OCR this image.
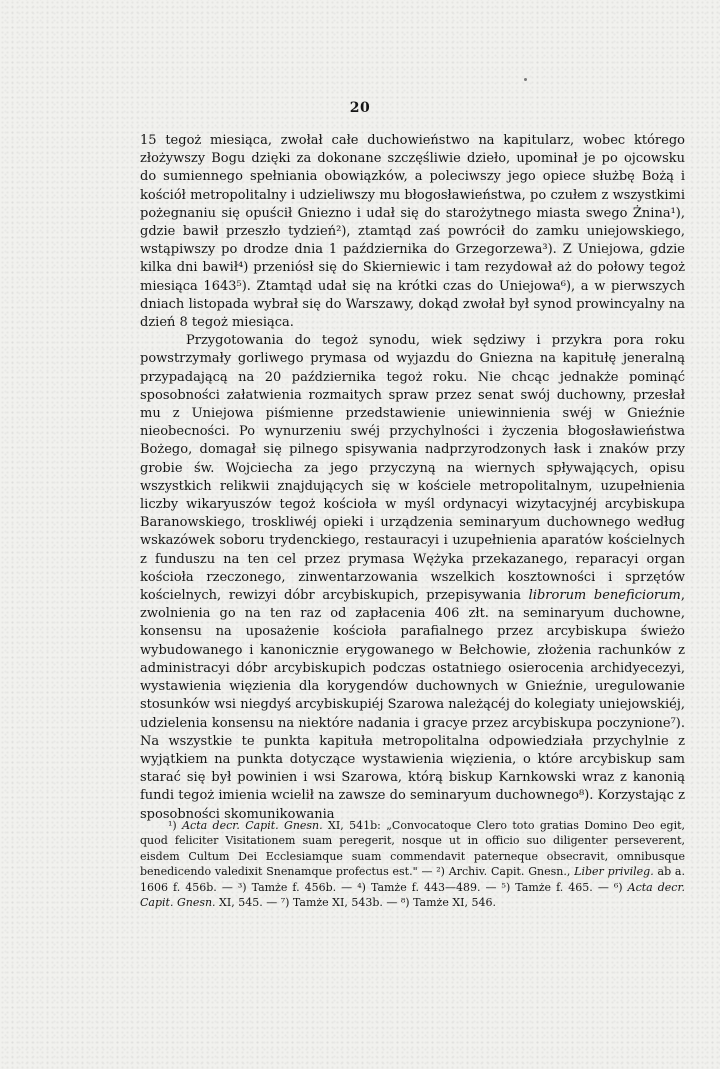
20

15 tegoż miesiąca, zwołał całe duchowieństwo na kapitularz, wobec którego złożywszy Bogu dzięki za dokonane szczęśliwie dzieło, upominał je po ojcowsku do sumiennego spełniania obowiązków, a poleciwszy jego opiece służbę Bożą i kościół metropolitalny i udzieliwszy mu błogosławieństwa, po czułem z wszystkimi pożegnaniu się opuścił Gniezno i udał się do starożytnego miasta swego Żnina¹), gdzie bawił przeszło tydzień²), ztamtąd zaś powrócił do zamku uniejowskiego, wstąpiwszy po drodze dnia 1 października do Grzegorzewa³). Z Uniejowa, gdzie kilka dni bawił⁴) przeniósł się do Skierniewic i tam rezydował aż do połowy tegoż miesiąca 1643⁵). Ztamtąd udał się na krótki czas do Uniejowa⁶), a w pierwszych dniach listopada wybrał się do Warszawy, dokąd zwołał był synod prowincyalny na dzień 8 tegoż miesiąca.

Przygotowania do tegoż synodu, wiek sędziwy i przykra pora roku powstrzymały gorliwego prymasa od wyjazdu do Gniezna na kapitułę jeneralną przypadającą na 20 października tegoż roku. Nie chcąc jednakże pominąć sposobności załatwienia rozmaitych spraw przez senat swój duchowny, przesłał mu z Uniejowa piśmienne przedstawienie uniewinnienia swéj w Gnieźnie nieobecności. Po wynurzeniu swéj przychylności i życzenia błogosławieństwa Bożego, domagał się pilnego spisywania nadprzyrodzonych łask i znaków przy grobie św. Wojciecha za jego przyczyną na wiernych spływających, opisu wszystkich relikwii znajdujących się w kościele metropolitalnym, uzupełnienia liczby wikaryuszów tegoż kościoła w myśl ordynacyi wizytacyjnéj arcybiskupa Baranowskiego, troskliwéj opieki i urządzenia seminaryum duchownego według wskazówek soboru trydenckiego, restauracyi i uzupełnienia aparatów kościelnych z funduszu na ten cel przez prymasa Wężyka przekazanego, reparacyi organ kościoła rzeczonego, zinwentarzowania wszelkich kosztowności i sprzętów kościelnych, rewizyi dóbr arcybiskupich, przepisywania librorum beneficiorum, zwolnienia go na ten raz od zapłacenia 406 złt. na seminaryum duchowne, konsensu na uposażenie kościoła parafialnego przez arcybiskupa świeżo wybudowanego i kanonicznie erygowanego w Bełchowie, złożenia rachunków z administracyi dóbr arcybiskupich podczas ostatniego osierocenia archidyecezyi, wystawienia więzienia dla korygendów duchownych w Gnieźnie, uregulowanie stosunków wsi niegdyś arcybiskupiéj Szarowa należącéj do kolegiaty uniejowskiéj, udzielenia konsensu na niektóre nadania i gracye przez arcybiskupa poczynione⁷). Na wszystkie te punkta kapituła metropolitalna odpowiedziała przychylnie z wyjątkiem na punkta dotyczące wystawienia więzienia, o które arcybiskup sam starać się był powinien i wsi Szarowa, którą biskup Karnkowski wraz z kanonią fundi tegoż imienia wcielił na zawsze do seminaryum duchownego⁸). Korzystając z sposobności skomunikowania

¹) Acta decr. Capit. Gnesn. XI, 541b: „Convocatoque Clero toto gratias Domino Deo egit, quod feliciter Visitationem suam peregerit, nosque ut in officio suo diligenter perseverent, eisdem Cultum Dei Ecclesiamque suam commendavit paterneque obsecravit, omnibusque benedicendo valedixit Snenamque profectus est." — ²) Archiv. Capit. Gnesn., Liber privileg. ab a. 1606 f. 456b. — ³) Tamże f. 456b. — ⁴) Tamże f. 443—489. — ⁵) Tamże f. 465. — ⁶) Acta decr. Capit. Gnesn. XI, 545. — ⁷) Tamże XI, 543b. — ⁸) Tamże XI, 546.
